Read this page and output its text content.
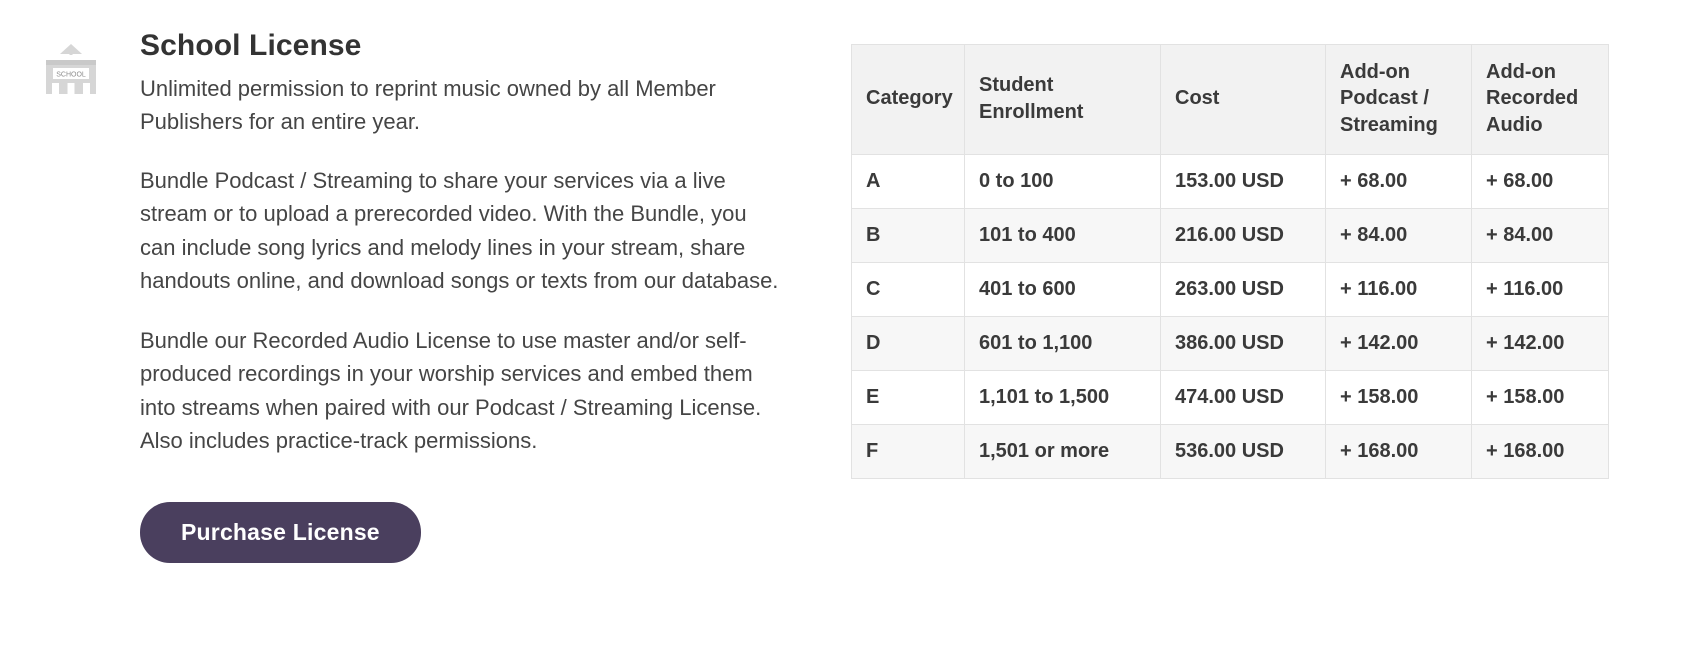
SCHOOL
School License

Unlimited permission to reprint music owned by all Member Publishers for an entire year.

Bundle Podcast / Streaming to share your services via a live stream or to upload a prerecorded video. With the Bundle, you can include song lyrics and melody lines in your stream, share handouts online, and download songs or texts from our database.

Bundle our Recorded Audio License to use master and/or self-produced recordings in your worship services and embed them into streams when paired with our Podcast / Streaming License. Also includes practice-track permissions.

Purchase License
Category	Student Enrollment	Cost	Add-on Podcast / Streaming	Add-on Recorded Audio
A	0 to 100	153.00 USD	+ 68.00	+ 68.00
B	101 to 400	216.00 USD	+ 84.00	+ 84.00
C	401 to 600	263.00 USD	+ 116.00	+ 116.00
D	601 to 1,100	386.00 USD	+ 142.00	+ 142.00
E	1,101 to 1,500	474.00 USD	+ 158.00	+ 158.00
F	1,501 or more	536.00 USD	+ 168.00	+ 168.00
